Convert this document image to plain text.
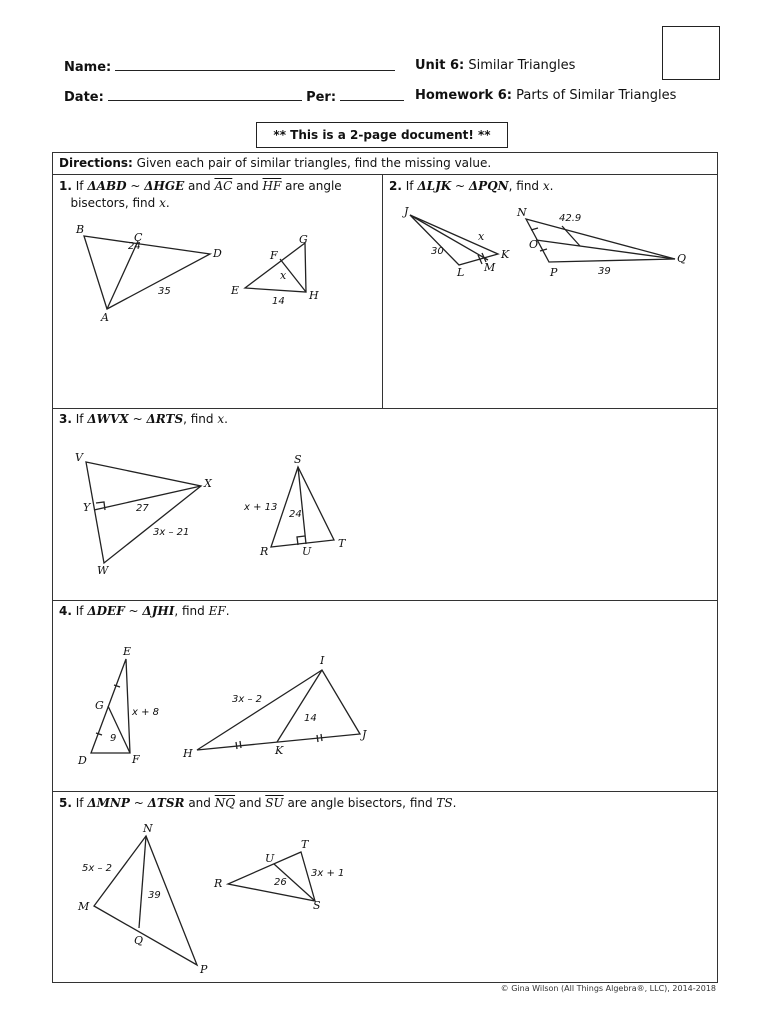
Name:
Date:	Per:
Unit 6: Similar Triangles
Homework 6: Parts of Similar Triangles
** This is a 2-page document! **
Directions: Given each pair of similar triangles, find the missing value.
1. If ΔABD ~ ΔHGE and $\overline{AC}$ and $\overline{HF}$ are angle
bisectors, find x.
2. If ΔLJK ~ ΔPQN, find x.
3. If ΔWVX ~ ΔRTS, find x.
4. If ΔDEF ~ ΔJHI, find EF.
5. If ΔMNP ~ ΔTSR and $\overline{NQ}$ and $\overline{SU}$ are angle bisectors, find TS.
B
C
D
A
24
35
G
F
E	H
x
14
J
K
L M
30
x
N
O
P
Q
42.9
39
V
X
Y
W
27
3x – 21
S
R	U
T
x + 13
24
E
G
D	F
x + 8
9
I
H	K
J
3x – 2
14
N
M
Q
P
5x – 2
39
T
U
R
S
3x + 1
26
© Gina Wilson (All Things Algebra®, LLC), 2014-2018
